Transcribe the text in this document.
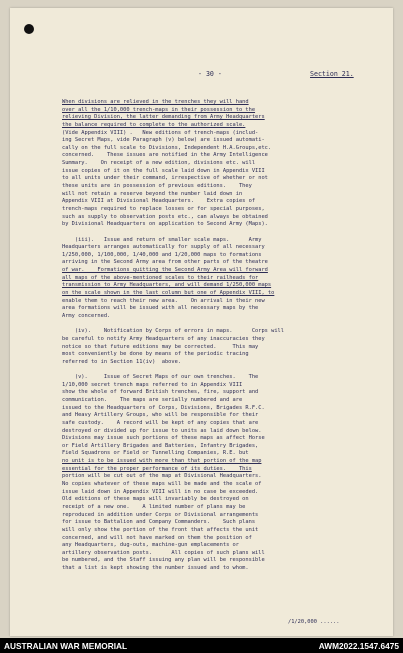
- 30 -	Section 21.
When divisions are relieved in the trenches they will hand
over all the 1/10,000 trench-maps in their possession to the
relieving Division, the latter demanding from Army Headquarters
the balance required to complete to the authorized scale.
(Vide Appendix VIII) .   New editions of trench-maps (includ-
ing Secret Maps, vide Paragraph (v) below) are issued automati-
cally on the full scale to Divisions, Independent H.A.Groups,etc.
concerned.    These issues are notified in the Army Intelligence
Summary.    On receipt of a new edition, divisions etc. will
issue copies of it on the full scale laid down in Appendix VIII
to all units under their command, irrespective of whether or not
these units are in possession of previous editions.    They
will not retain a reserve beyond the number laid down in
Appendix VIII at Divisional Headquarters.    Extra copies of
trench-maps required to replace losses or for special purposes,
such as supply to observation posts etc., can always be obtained
by Divisional Headquarters on application to Second Army (Maps).
(iii).   Issue and return of smaller scale maps.      Army
Headquarters arranges automatically for supply of all necessary
1/250,000, 1/100,000, 1/40,000 and 1/20,000 maps to formations
arriving in the Second Army area from other parts of the theatre
of war.    Formations quitting the Second Army Area will forward
all maps of the above-mentioned scales to their railheads for
transmission to Army Headquarters, and will demand 1/250,000 maps
on the scale shown in the last column but one of Appendix VIII, to
enable them to reach their new area.    On arrival in their new
area formations will be issued with all necessary maps by the
Army concerned.
(iv).    Notification by Corps of errors in maps.      Corps will
be careful to notify Army Headquarters of any inaccuracies they
notice so that future editions may be corrected.     This may
most conveniently be done by means of the periodic tracing
referred to in Section 11(iv)  above.
(v).     Issue of Secret Maps of our own trenches.    The
1/10,000 secret trench maps referred to in Appendix VIII
show the whole of forward British trenches, fire, support and
communication.    The maps are serially numbered and are
issued to the Headquarters of Corps, Divisions, Brigades R.F.C.
and Heavy Artillery Groups, who will be responsible for their
safe custody.    A record will be kept of any copies that are
destroyed or divided up for issue to units as laid down below.
Divisions may issue such portions of these maps as affect Horse
or Field Artillery Brigades and Batteries, Infantry Brigades,
Field Squadrons or Field or Tunnelling Companies, R.E. but
no unit is to be issued with more than that portion of the map
essential for the proper performance of its duties.    This
portion will be cut out of the map at Divisional Headquarters.
No copies whatever of these maps will be made and the scale of
issue laid down in Appendix VIII will in no case be exceeded.
Old editions of these maps will invariably be destroyed on
receipt of a new one.    A limited number of plans may be
reproduced in addition under Corps or Divisional arrangements
for issue to Battalion and Company Commanders.    Such plans
will only show the portion of the front that affects the unit
concerned, and will not have marked on them the position of
any Headquarters, dug-outs, machine-gun emplacements or
artillery observation posts.      All copies of such plans will
be numbered, and the Staff issuing any plan will be responsible
that a list is kept showing the number issued and to whom.
/1/20,000 ......
AUSTRALIAN WAR MEMORIAL	AWM2022.1547.6475
